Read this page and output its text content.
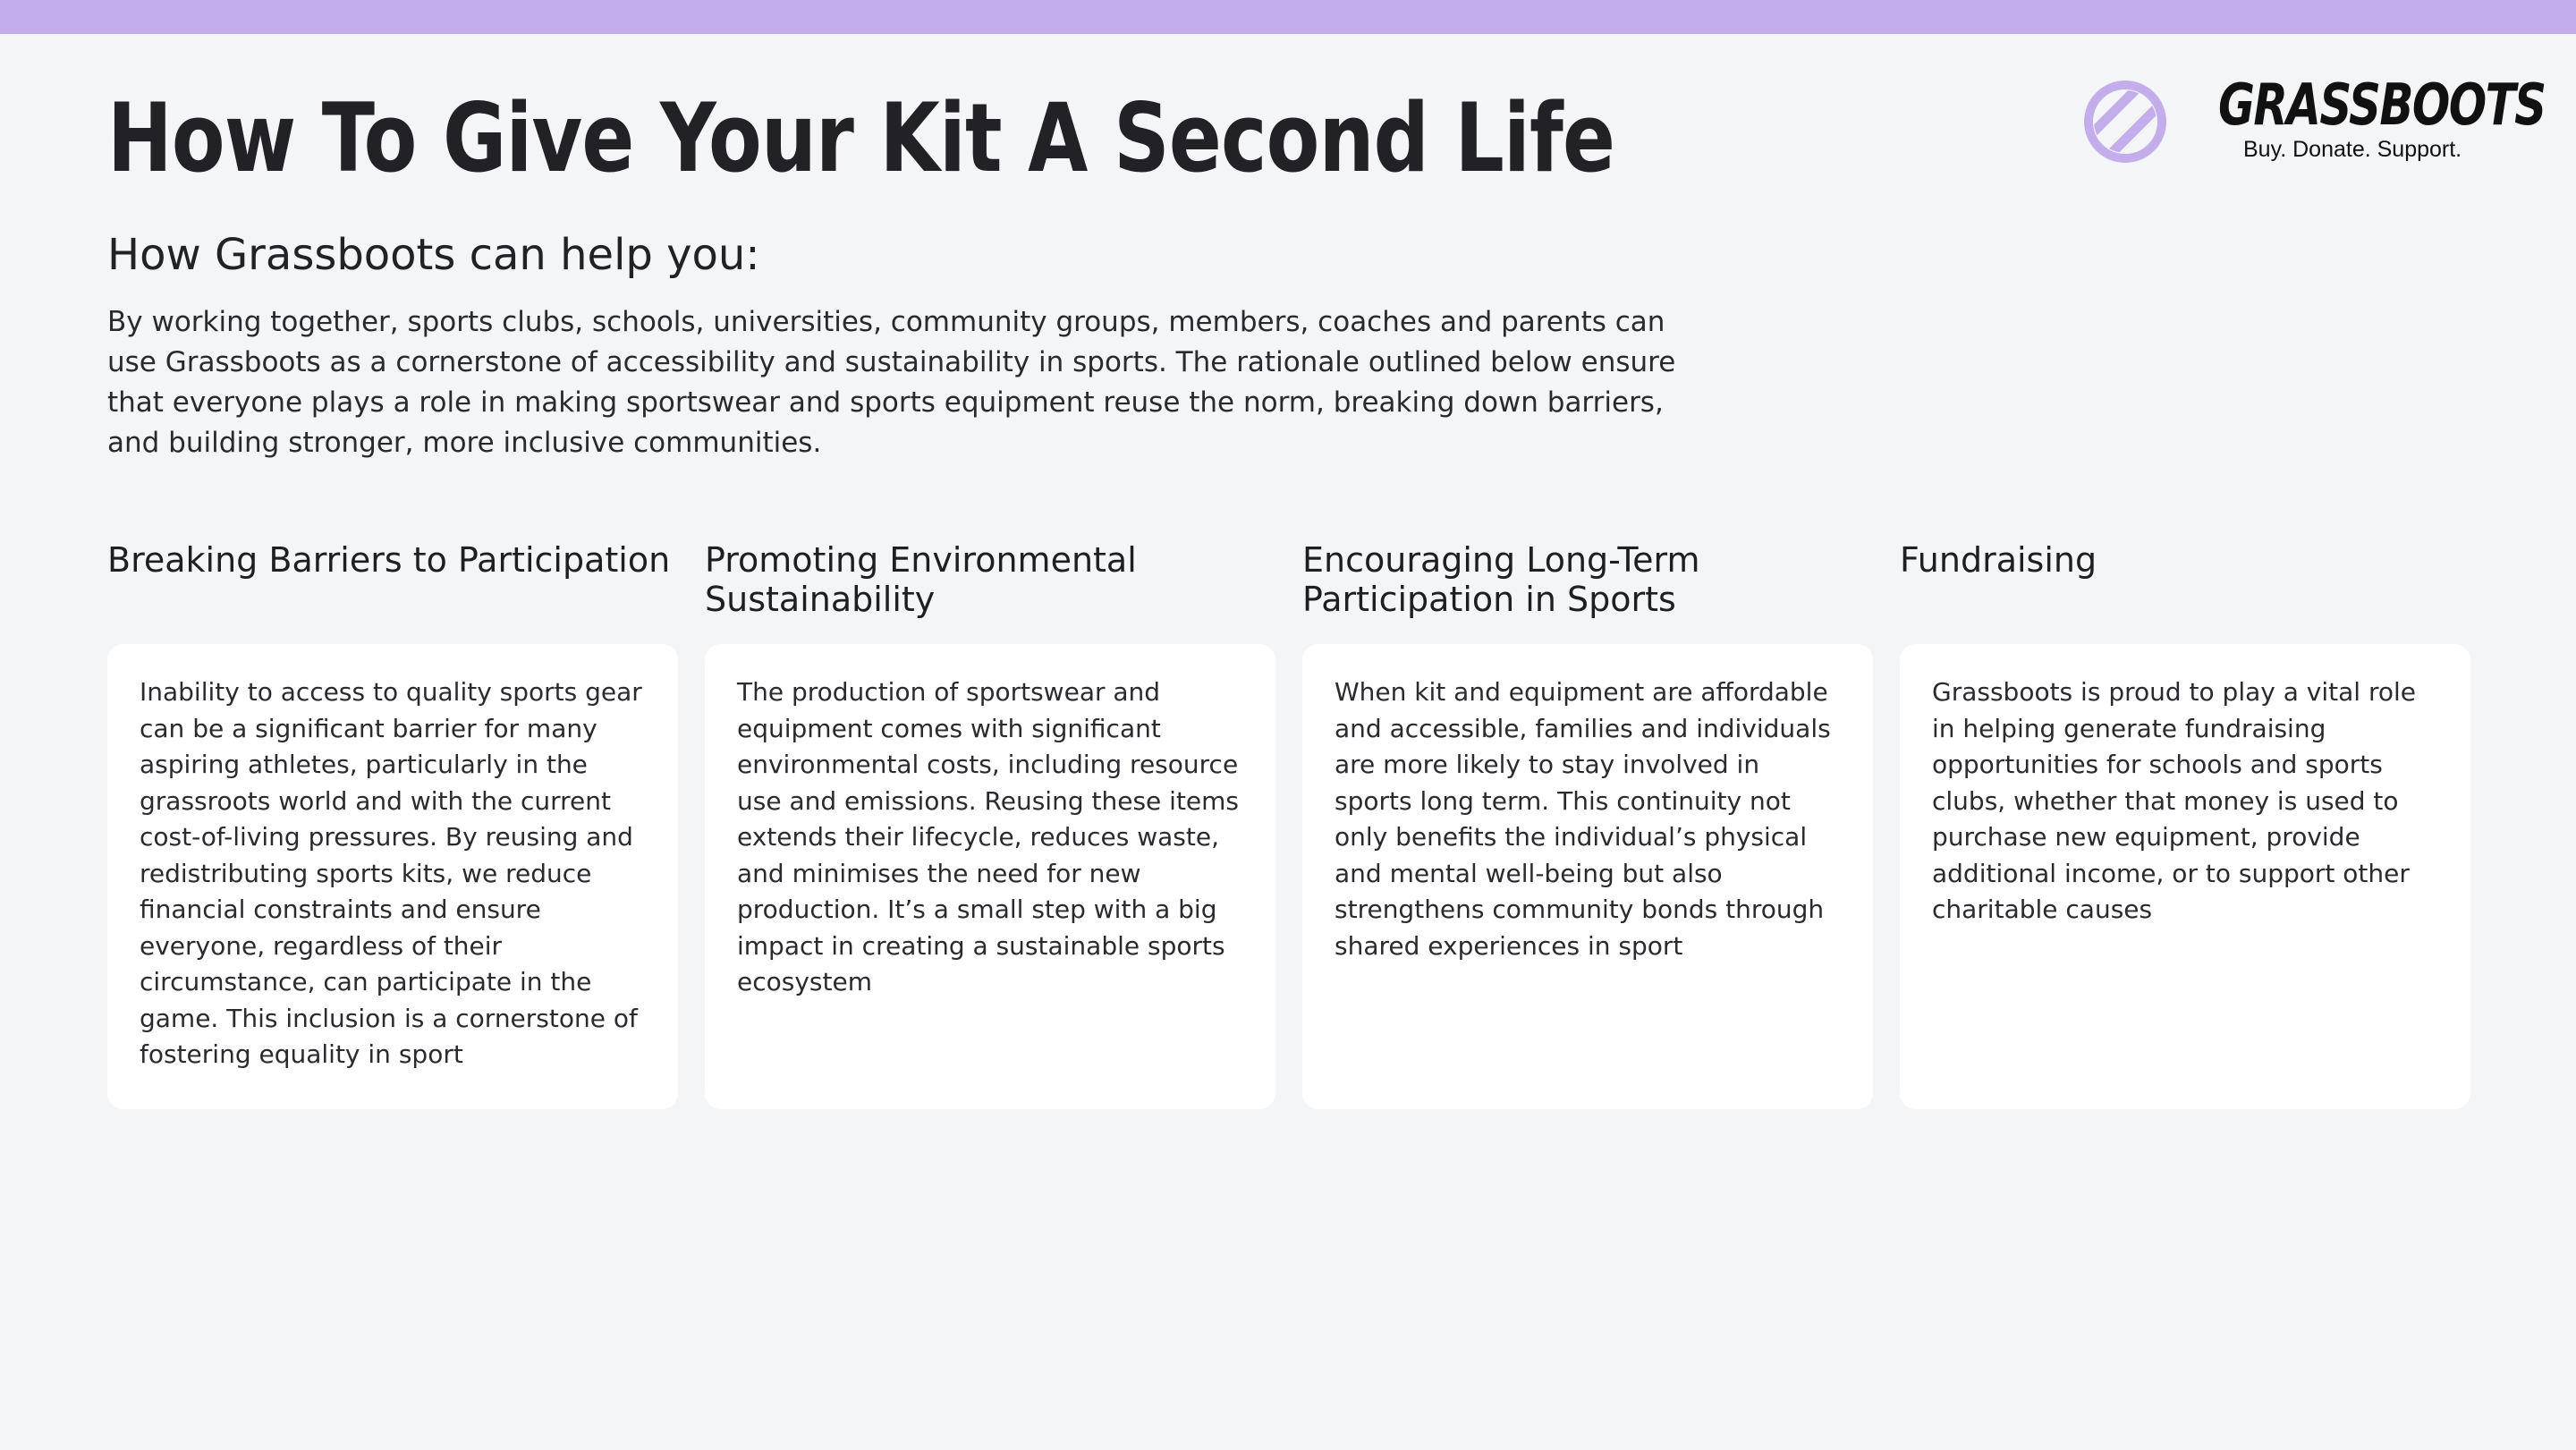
How To Give Your Kit A Second Life	GRASSBOOTS
Buy. Donate. Support.
How Grassboots can help you:

By working together, sports clubs, schools, universities, community groups, members, coaches and parents can use Grassboots as a cornerstone of accessibility and sustainability in sports. The rationale outlined below ensure that everyone plays a role in making sportswear and sports equipment reuse the norm, breaking down barriers, and building stronger, more inclusive communities.

Breaking Barriers to Participation

Inability to access to quality sports gear can be a significant barrier for many aspiring athletes, particularly in the grassroots world and with the current cost-of-living pressures. By reusing and redistributing sports kits, we reduce financial constraints and ensure everyone, regardless of their circumstance, can participate in the game. This inclusion is a cornerstone of fostering equality in sport

Promoting Environmental Sustainability

The production of sportswear and equipment comes with significant environmental costs, including resource use and emissions. Reusing these items extends their lifecycle, reduces waste, and minimises the need for new production. It’s a small step with a big impact in creating a sustainable sports ecosystem

Encouraging Long-Term Participation in Sports

When kit and equipment are affordable and accessible, families and individuals are more likely to stay involved in sports long term. This continuity not only benefits the individual’s physical and mental well-being but also strengthens community bonds through shared experiences in sport

Fundraising

Grassboots is proud to play a vital role in helping generate fundraising opportunities for schools and sports clubs, whether that money is used to purchase new equipment, provide additional income, or to support other charitable causes
